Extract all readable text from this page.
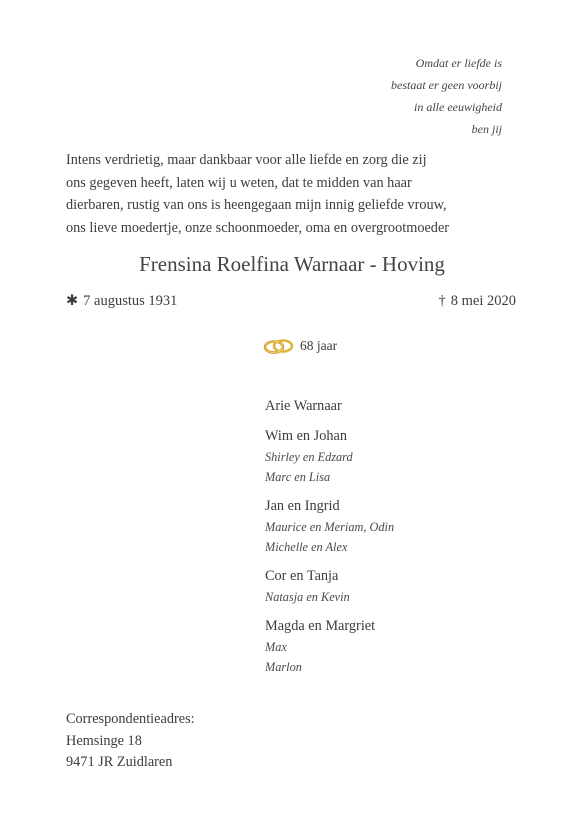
Omdat er liefde is
bestaat er geen voorbij
in alle eeuwigheid
ben jij
Intens verdrietig, maar dankbaar voor alle liefde en zorg die zij
ons gegeven heeft, laten wij u weten, dat te midden van haar
dierbaren, rustig van ons is heengegaan mijn innig geliefde vrouw,
ons lieve moedertje, onze schoonmoeder, oma en overgrootmoeder
Frensina Roelfina Warnaar - Hoving
✱ 7 augustus 1931	† 8 mei 2020
68 jaar
Arie Warnaar
Wim en Johan
Shirley en Edzard
Marc en Lisa
Jan en Ingrid
Maurice en Meriam, Odin
Michelle en Alex
Cor en Tanja
Natasja en Kevin
Magda en Margriet
Max
Marlon
Correspondentieadres:
Hemsinge 18
9471 JR Zuidlaren
